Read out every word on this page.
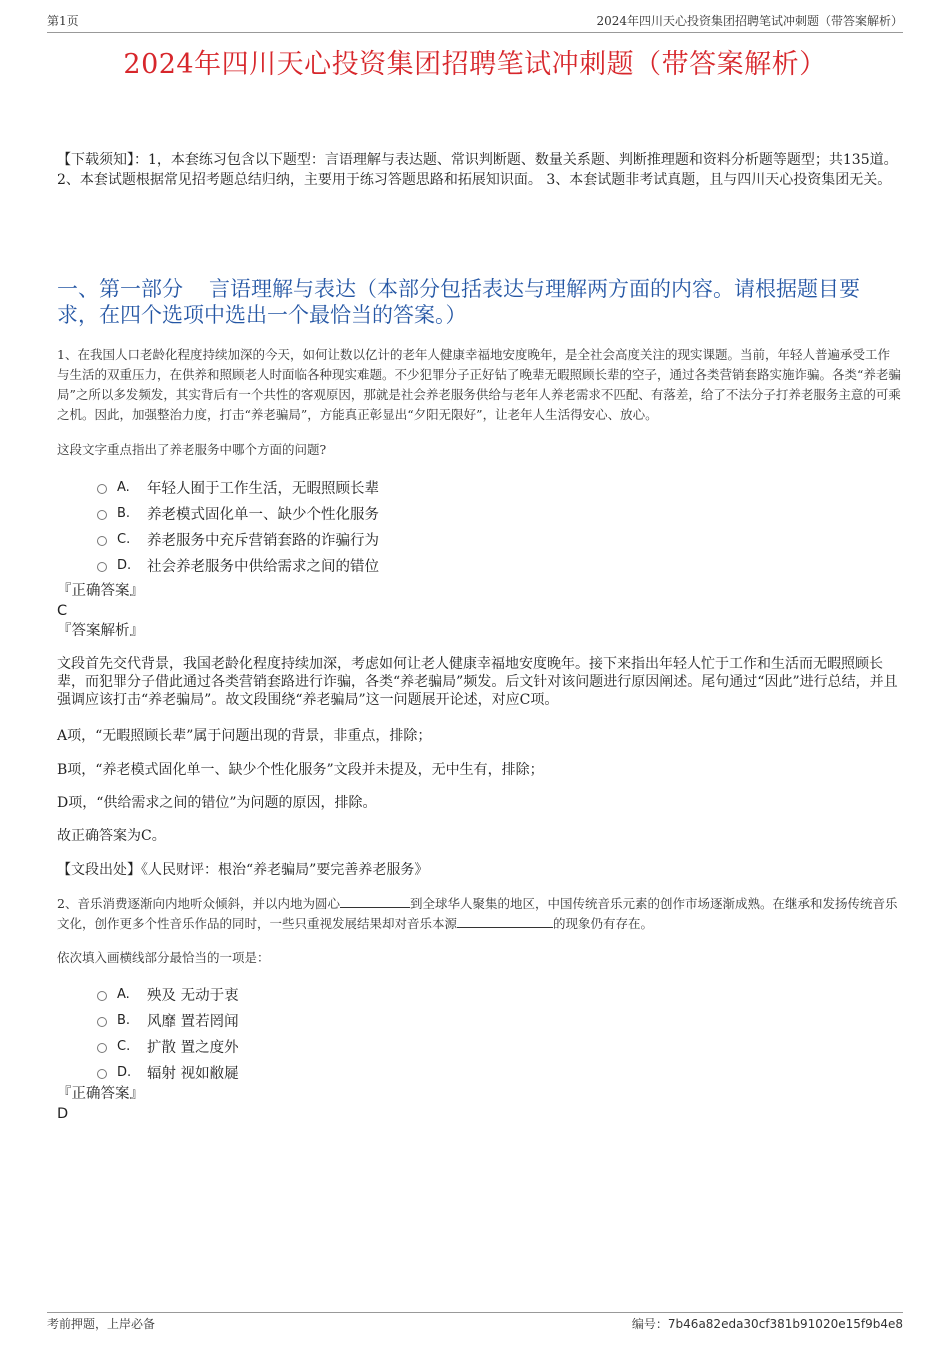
第1页	2024年四川天心投资集团招聘笔试冲刺题（带答案解析）
2024年四川天心投资集团招聘笔试冲刺题（带答案解析）
【下载须知】：1，本套练习包含以下题型：言语理解与表达题、常识判断题、数量关系题、判断推理题和资料分析题等题型；共135道。 2、本套试题根据常见招考题总结归纳，主要用于练习答题思路和拓展知识面。 3、本套试题非考试真题，且与四川天心投资集团无关。
一、第一部分 言语理解与表达（本部分包括表达与理解两方面的内容。请根据题目要求，在四个选项中选出一个最恰当的答案。）
1、在我国人口老龄化程度持续加深的今天，如何让数以亿计的老年人健康幸福地安度晚年，是全社会高度关注的现实课题。当前，年轻人普遍承受工作与生活的双重压力，在供养和照顾老人时面临各种现实难题。不少犯罪分子正好钻了晚辈无暇照顾长辈的空子，通过各类营销套路实施诈骗。各类“养老骗局”之所以多发频发，其实背后有一个共性的客观原因，那就是社会养老服务供给与老年人养老需求不匹配、有落差，给了不法分子打养老服务主意的可乘之机。因此，加强整治力度，打击“养老骗局”，方能真正彰显出“夕阳无限好”，让老年人生活得安心、放心。
这段文字重点指出了养老服务中哪个方面的问题?
A.	年轻人囿于工作生活，无暇照顾长辈
B.	养老模式固化单一、缺少个性化服务
C.	养老服务中充斥营销套路的诈骗行为
D.	社会养老服务中供给需求之间的错位
『正确答案』
C
『答案解析』

文段首先交代背景，我国老龄化程度持续加深，考虑如何让老人健康幸福地安度晚年。接下来指出年轻人忙于工作和生活而无暇照顾长辈，而犯罪分子借此通过各类营销套路进行诈骗，各类“养老骗局”频发。后文针对该问题进行原因阐述。尾句通过“因此”进行总结，并且强调应该打击“养老骗局”。故文段围绕“养老骗局”这一问题展开论述，对应C项。

A项，“无暇照顾长辈”属于问题出现的背景，非重点，排除；

B项，“养老模式固化单一、缺少个性化服务”文段并未提及，无中生有，排除；

D项，“供给需求之间的错位”为问题的原因，排除。

故正确答案为C。

【文段出处】《人民财评：根治“养老骗局”要完善养老服务》

2、音乐消费逐渐向内地听众倾斜，并以内地为圆心	到全球华人聚集的地区，中国传统音乐元素的创作市场逐渐成熟。在继承和发扬传统音乐文化，创作更多个性音乐作品的同时，一些只重视发展结果却对音乐本源	的现象仍有存在。
依次填入画横线部分最恰当的一项是：
A.	殃及 无动于衷
B.	风靡 置若罔闻
C.	扩散 置之度外
D.	辐射 视如敝屣
『正确答案』
D
考前押题，上岸必备	编号：7b46a82eda30cf381b91020e15f9b4e8
